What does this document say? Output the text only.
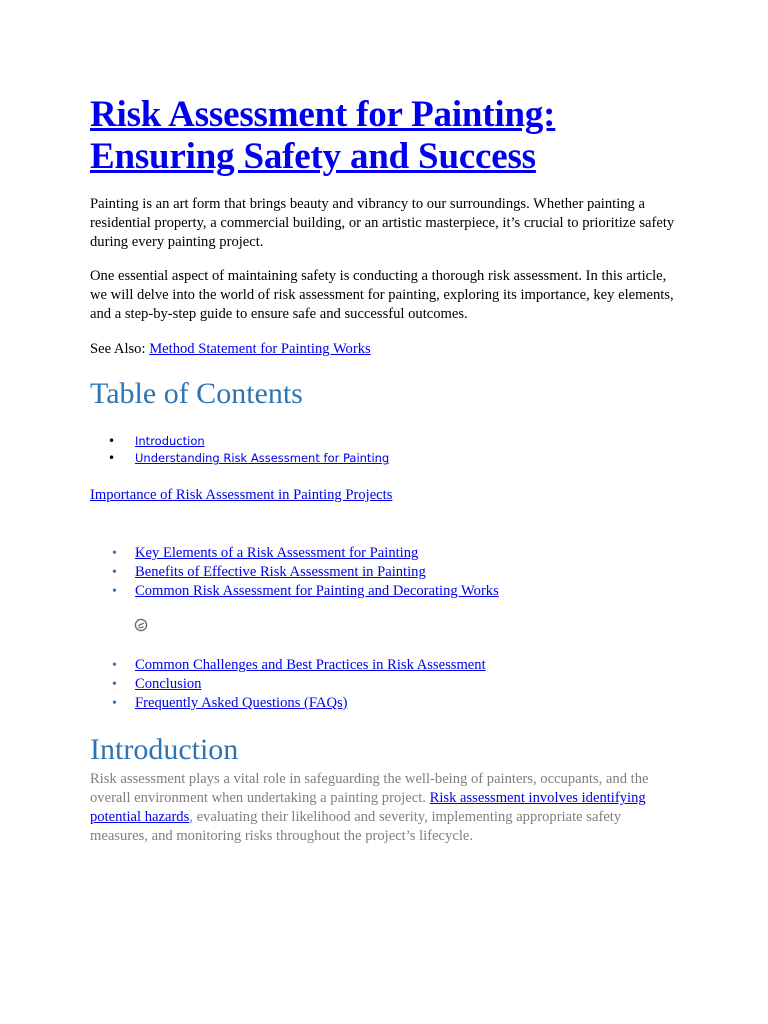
Risk Assessment for Painting:
Ensuring Safety and Success

Painting is an art form that brings beauty and vibrancy to our surroundings. Whether painting a residential property, a commercial building, or an artistic masterpiece, it’s crucial to prioritize safety during every painting project.

One essential aspect of maintaining safety is conducting a thorough risk assessment. In this article, we will delve into the world of risk assessment for painting, exploring its importance, key elements, and a step-by-step guide to ensure safe and successful outcomes.

See Also: Method Statement for Painting Works

Table of Contents
• Introduction
• Understanding Risk Assessment for Painting
Importance of Risk Assessment in Painting Projects
• Key Elements of a Risk Assessment for Painting
• Benefits of Effective Risk Assessment in Painting
• Common Risk Assessment for Painting and Decorating Works
• Common Challenges and Best Practices in Risk Assessment
• Conclusion
• Frequently Asked Questions (FAQs)
Introduction

Risk assessment plays a vital role in safeguarding the well-being of painters, occupants, and the overall environment when undertaking a painting project. Risk assessment involves identifying potential hazards, evaluating their likelihood and severity, implementing appropriate safety measures, and monitoring risks throughout the project’s lifecycle.
